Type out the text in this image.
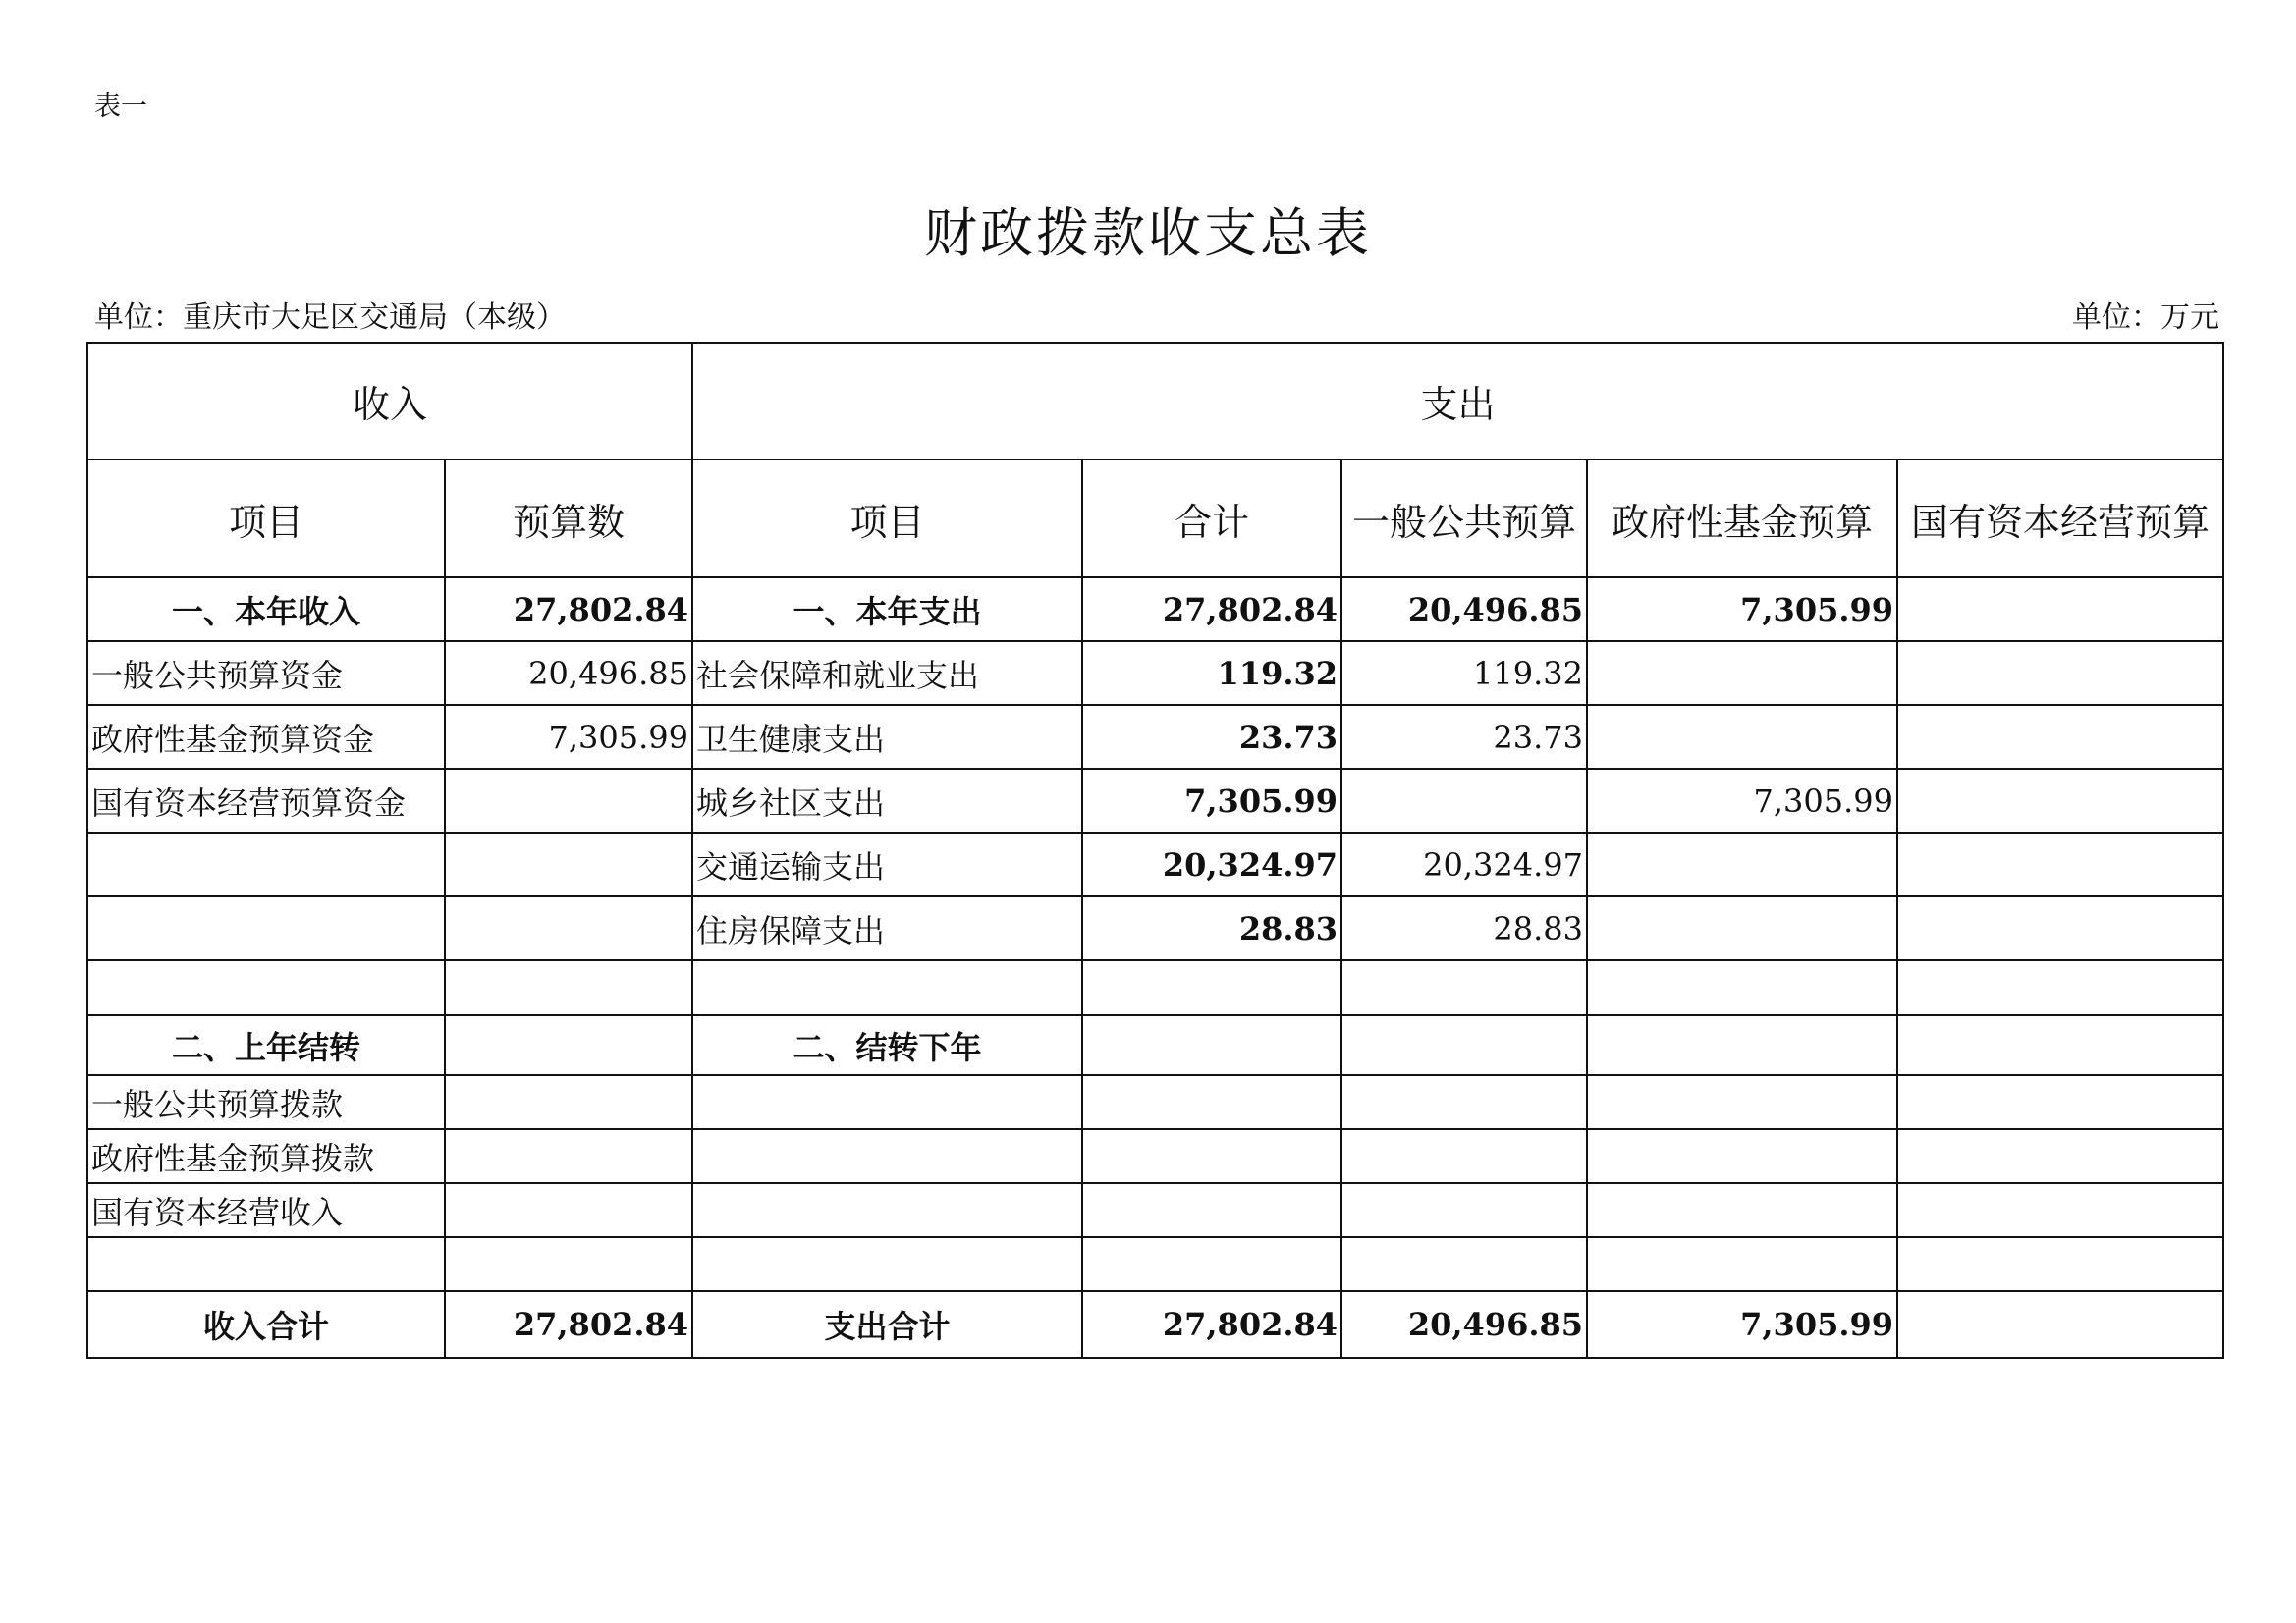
表一
财政拨款收支总表
单位：重庆市大足区交通局（本级）	单位：万元
收入		支出				
项目	预算数	项目	合计	一般公共预算	政府性基金预算	国有资本经营预算
一、本年收入	27,802.84	一、本年支出	27,802.84	20,496.85	7,305.99	
一般公共预算资金	20,496.85	社会保障和就业支出	119.32	119.32		
政府性基金预算资金	7,305.99	卫生健康支出	23.73	23.73		
国有资本经营预算资金		城乡社区支出	7,305.99		7,305.99	
		交通运输支出	20,324.97	20,324.97		
		住房保障支出	28.83	28.83		

二、上年结转		二、结转下年				
一般公共预算拨款						
政府性基金预算拨款						
国有资本经营收入						

收入合计	27,802.84	支出合计	27,802.84	20,496.85	7,305.99	
